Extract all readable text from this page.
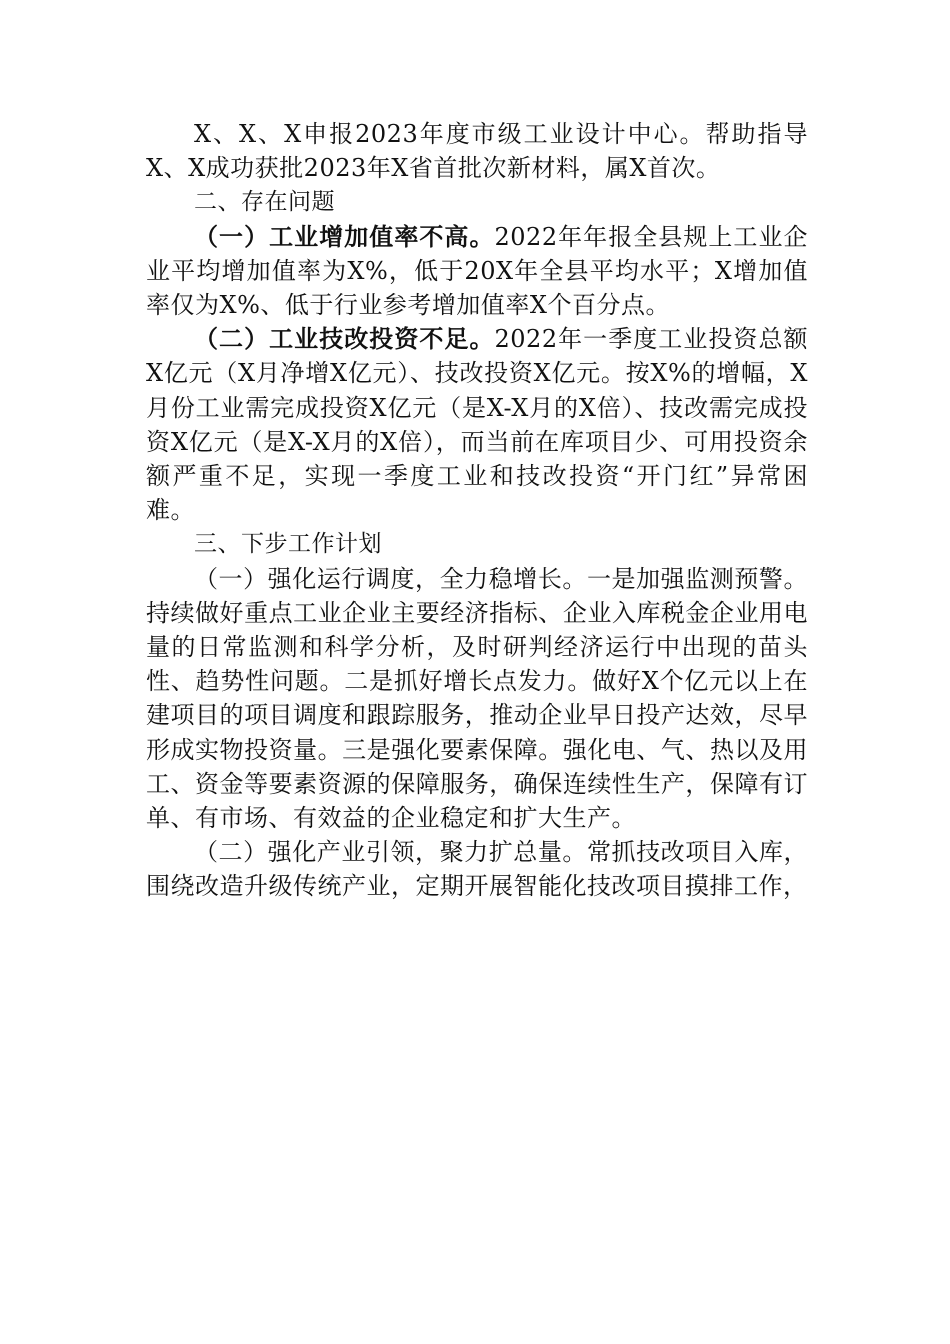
X、X、X申报2023年度市级工业设计中心。帮助指导X、X成功获批2023年X省首批次新材料，属X首次。

二、存在问题

（一）工业增加值率不高。2022年年报全县规上工业企业平均增加值率为X%，低于20X年全县平均水平；X增加值率仅为X%、低于行业参考增加值率X个百分点。

（二）工业技改投资不足。2022年一季度工业投资总额X亿元（X月净增X亿元）、技改投资X亿元。按X%的增幅，X月份工业需完成投资X亿元（是X-X月的X倍）、技改需完成投资X亿元（是X-X月的X倍），而当前在库项目少、可用投资余额严重不足，实现一季度工业和技改投资“开门红”异常困难。

三、下步工作计划

（一）强化运行调度，全力稳增长。一是加强监测预警。持续做好重点工业企业主要经济指标、企业入库税金企业用电量的日常监测和科学分析，及时研判经济运行中出现的苗头性、趋势性问题。二是抓好增长点发力。做好X个亿元以上在建项目的项目调度和跟踪服务，推动企业早日投产达效，尽早形成实物投资量。三是强化要素保障。强化电、气、热以及用工、资金等要素资源的保障服务，确保连续性生产，保障有订单、有市场、有效益的企业稳定和扩大生产。

（二）强化产业引领，聚力扩总量。常抓技改项目入库，围绕改造升级传统产业，定期开展智能化技改项目摸排工作，
